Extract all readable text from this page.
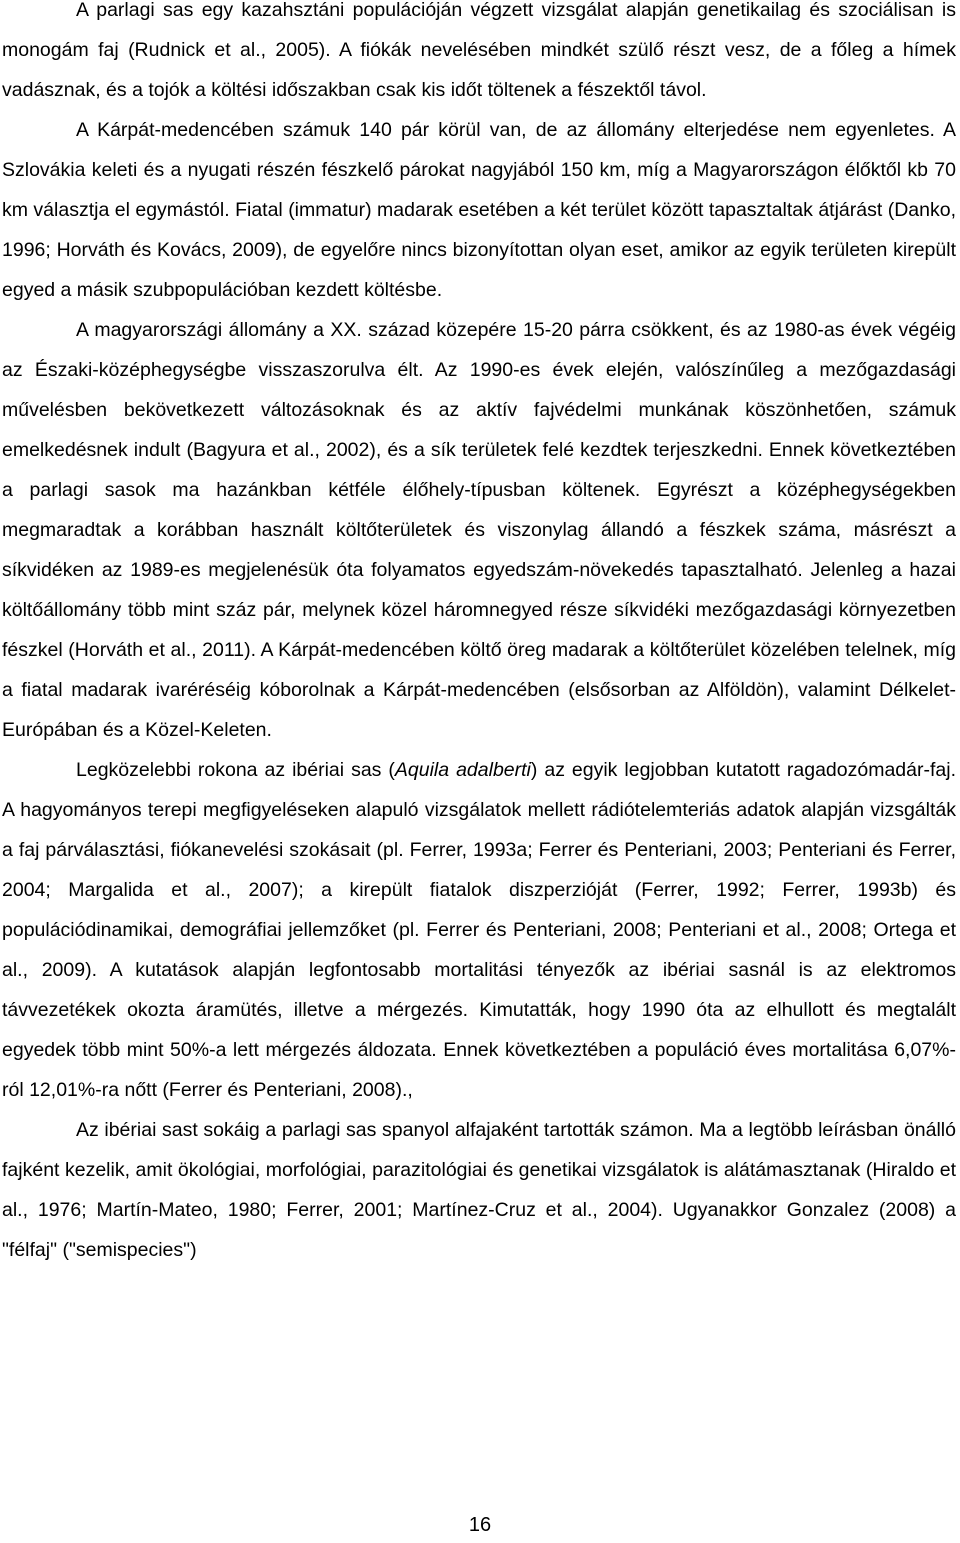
A parlagi sas egy kazahsztáni populációján végzett vizsgálat alapján genetikailag és szociálisan is monogám faj (Rudnick et al., 2005). A fiókák nevelésében mindkét szülő részt vesz, de a főleg a hímek vadásznak, és a tojók a költési időszakban csak kis időt töltenek a fészektől távol.

A Kárpát-medencében számuk 140 pár körül van, de az állomány elterjedése nem egyenletes. A Szlovákia keleti és a nyugati részén fészkelő párokat nagyjából 150 km, míg a Magyarországon élőktől kb 70 km választja el egymástól. Fiatal (immatur) madarak esetében a két terület között tapasztaltak átjárást (Danko, 1996; Horváth és Kovács, 2009), de egyelőre nincs bizonyítottan olyan eset, amikor az egyik területen kirepült egyed a másik szubpopulációban kezdett költésbe.

A magyarországi állomány a XX. század közepére 15-20 párra csökkent, és az 1980-as évek végéig az Északi-középhegységbe visszaszorulva élt. Az 1990-es évek elején, valószínűleg a mezőgazdasági művelésben bekövetkezett változásoknak és az aktív fajvédelmi munkának köszönhetően, számuk emelkedésnek indult (Bagyura et al., 2002), és a sík területek felé kezdtek terjeszkedni. Ennek következtében a parlagi sasok ma hazánkban kétféle élőhely-típusban költenek. Egyrészt a középhegységekben megmaradtak a korábban használt költőterületek és viszonylag állandó a fészkek száma, másrészt a síkvidéken az 1989-es megjelenésük óta folyamatos egyedszám-növekedés tapasztalható. Jelenleg a hazai költőállomány több mint száz pár, melynek közel háromnegyed része síkvidéki mezőgazdasági környezetben fészkel (Horváth et al., 2011). A Kárpát-medencében költő öreg madarak a költőterület közelében telelnek, míg a fiatal madarak ivaréréséig kóborolnak a Kárpát-medencében (elsősorban az Alföldön), valamint Délkelet-Európában és a Közel-Keleten.

Legközelebbi rokona az ibériai sas (Aquila adalberti) az egyik legjobban kutatott ragadozómadár-faj. A hagyományos terepi megfigyeléseken alapuló vizsgálatok mellett rádiótelemteriás adatok alapján vizsgálták a faj párválasztási, fiókanevelési szokásait (pl. Ferrer, 1993a; Ferrer és Penteriani, 2003; Penteriani és Ferrer, 2004; Margalida et al., 2007); a kirepült fiatalok diszperzióját (Ferrer, 1992; Ferrer, 1993b) és populációdinamikai, demográfiai jellemzőket (pl. Ferrer és Penteriani, 2008; Penteriani et al., 2008; Ortega et al., 2009). A kutatások alapján legfontosabb mortalitási tényezők az ibériai sasnál is az elektromos távvezetékek okozta áramütés, illetve a mérgezés. Kimutatták, hogy 1990 óta az elhullott és megtalált egyedek több mint 50%-a lett mérgezés áldozata. Ennek következtében a populáció éves mortalitása 6,07%-ról 12,01%-ra nőtt (Ferrer és Penteriani, 2008).,

Az ibériai sast sokáig a parlagi sas spanyol alfajaként tartották számon. Ma a legtöbb leírásban önálló fajként kezelik, amit ökológiai, morfológiai, parazitológiai és genetikai vizsgálatok is alátámasztanak (Hiraldo et al., 1976; Martín-Mateo, 1980; Ferrer, 2001; Martínez-Cruz et al., 2004). Ugyanakkor Gonzalez (2008) a "félfaj" ("semispecies")

16
